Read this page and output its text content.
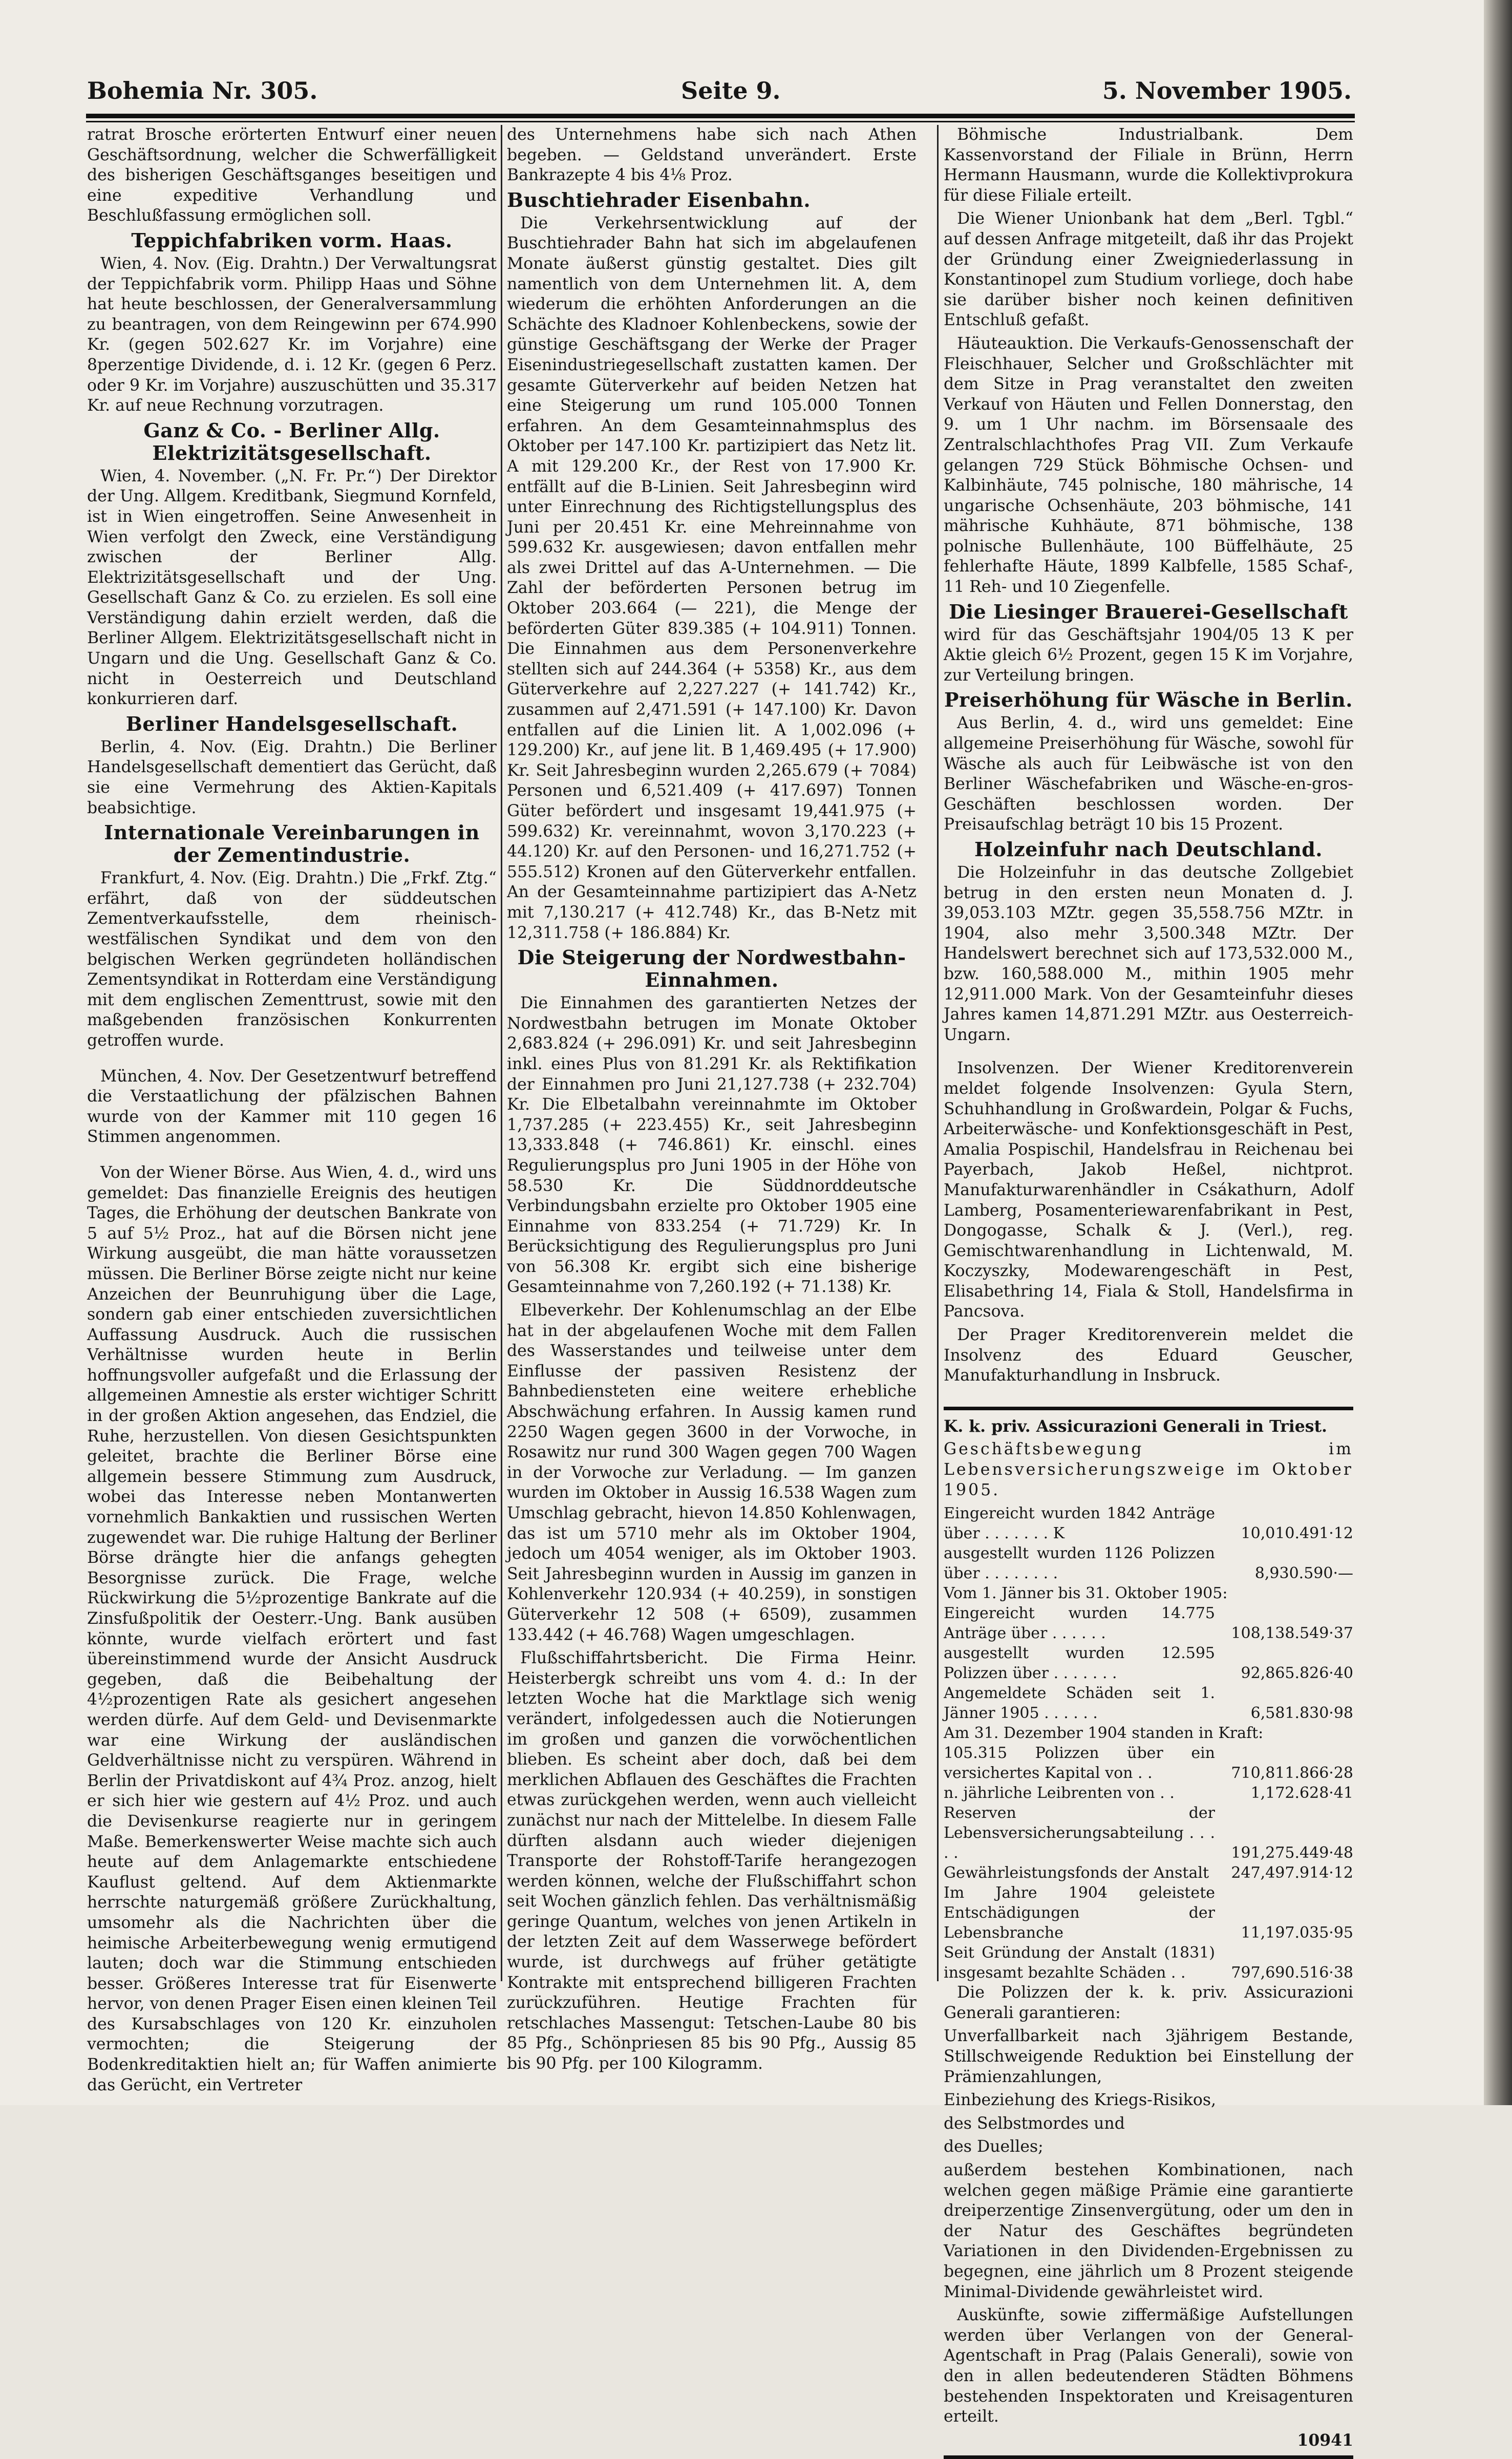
Bohemia Nr. 305.	Seite 9.	5. November 1905.

ratrat Brosche erörterten Entwurf einer neuen Geschäftsordnung, welcher die Schwerfälligkeit des bisherigen Geschäftsganges beseitigen und eine expeditive Verhandlung und Beschlußfassung ermöglichen soll.

Teppichfabriken vorm. Haas.

Wien, 4. Nov. (Eig. Drahtn.) Der Verwaltungsrat der Teppichfabrik vorm. Philipp Haas und Söhne hat heute beschlossen, der Generalversammlung zu beantragen, von dem Reingewinn per 674.990 Kr. (gegen 502.627 Kr. im Vorjahre) eine 8perzentige Dividende, d. i. 12 Kr. (gegen 6 Perz. oder 9 Kr. im Vorjahre) auszuschütten und 35.317 Kr. auf neue Rechnung vorzutragen.

Ganz & Co. - Berliner Allg. Elektrizitätsgesellschaft.

Wien, 4. November. („N. Fr. Pr.“) Der Direktor der Ung. Allgem. Kreditbank, Siegmund Kornfeld, ist in Wien eingetroffen. Seine Anwesenheit in Wien verfolgt den Zweck, eine Verständigung zwischen der Berliner Allg. Elektrizitätsgesellschaft und der Ung. Gesellschaft Ganz & Co. zu erzielen. Es soll eine Verständigung dahin erzielt werden, daß die Berliner Allgem. Elektrizitätsgesellschaft nicht in Ungarn und die Ung. Gesellschaft Ganz & Co. nicht in Oesterreich und Deutschland konkurrieren darf.

Berliner Handelsgesellschaft.

Berlin, 4. Nov. (Eig. Drahtn.) Die Berliner Handelsgesellschaft dementiert das Gerücht, daß sie eine Vermehrung des Aktien-Kapitals beabsichtige.

Internationale Vereinbarungen in der Zementindustrie.

Frankfurt, 4. Nov. (Eig. Drahtn.) Die „Frkf. Ztg.“ erfährt, daß von der süddeutschen Zementverkaufsstelle, dem rheinisch-westfälischen Syndikat und dem von den belgischen Werken gegründeten holländischen Zementsyndikat in Rotterdam eine Verständigung mit dem englischen Zementtrust, sowie mit den maßgebenden französischen Konkurrenten getroffen wurde.

München, 4. Nov. Der Gesetzentwurf betreffend die Verstaatlichung der pfälzischen Bahnen wurde von der Kammer mit 110 gegen 16 Stimmen angenommen.

Von der Wiener Börse. Aus Wien, 4. d., wird uns gemeldet: Das finanzielle Ereignis des heutigen Tages, die Erhöhung der deutschen Bankrate von 5 auf 5½ Proz., hat auf die Börsen nicht jene Wirkung ausgeübt, die man hätte voraussetzen müssen. Die Berliner Börse zeigte nicht nur keine Anzeichen der Beunruhigung über die Lage, sondern gab einer entschieden zuversichtlichen Auffassung Ausdruck. Auch die russischen Verhältnisse wurden heute in Berlin hoffnungsvoller aufgefaßt und die Erlassung der allgemeinen Amnestie als erster wichtiger Schritt in der großen Aktion angesehen, das Endziel, die Ruhe, herzustellen. Von diesen Gesichtspunkten geleitet, brachte die Berliner Börse eine allgemein bessere Stimmung zum Ausdruck, wobei das Interesse neben Montanwerten vornehmlich Bankaktien und russischen Werten zugewendet war. Die ruhige Haltung der Berliner Börse drängte hier die anfangs gehegten Besorgnisse zurück. Die Frage, welche Rückwirkung die 5½prozentige Bankrate auf die Zinsfußpolitik der Oesterr.-Ung. Bank ausüben könnte, wurde vielfach erörtert und fast übereinstimmend wurde der Ansicht Ausdruck gegeben, daß die Beibehaltung der 4½prozentigen Rate als gesichert angesehen werden dürfe. Auf dem Geld- und Devisenmarkte war eine Wirkung der ausländischen Geldverhältnisse nicht zu verspüren. Während in Berlin der Privatdiskont auf 4¾ Proz. anzog, hielt er sich hier wie gestern auf 4½ Proz. und auch die Devisenkurse reagierte nur in geringem Maße. Bemerkenswerter Weise machte sich auch heute auf dem Anlagemarkte entschiedene Kauflust geltend. Auf dem Aktienmarkte herrschte naturgemäß größere Zurückhaltung, umsomehr als die Nachrichten über die heimische Arbeiterbewegung wenig ermutigend lauten; doch war die Stimmung entschieden besser. Größeres Interesse trat für Eisenwerte hervor, von denen Prager Eisen einen kleinen Teil des Kursabschlages von 120 Kr. einzuholen vermochten; die Steigerung der Bodenkreditaktien hielt an; für Waffen animierte das Gerücht, ein Vertreter

des Unternehmens habe sich nach Athen begeben. — Geldstand unverändert. Erste Bankrazepte 4 bis 4⅛ Proz.

Buschtiehrader Eisenbahn.

Die Verkehrsentwicklung auf der Buschtiehrader Bahn hat sich im abgelaufenen Monate äußerst günstig gestaltet. Dies gilt namentlich von dem Unternehmen lit. A, dem wiederum die erhöhten Anforderungen an die Schächte des Kladnoer Kohlenbeckens, sowie der günstige Geschäftsgang der Werke der Prager Eisenindustriegesellschaft zustatten kamen. Der gesamte Güterverkehr auf beiden Netzen hat eine Steigerung um rund 105.000 Tonnen erfahren. An dem Gesamteinnahmsplus des Oktober per 147.100 Kr. partizipiert das Netz lit. A mit 129.200 Kr., der Rest von 17.900 Kr. entfällt auf die B-Linien. Seit Jahresbeginn wird unter Einrechnung des Richtigstellungsplus des Juni per 20.451 Kr. eine Mehreinnahme von 599.632 Kr. ausgewiesen; davon entfallen mehr als zwei Drittel auf das A-Unternehmen. — Die Zahl der beförderten Personen betrug im Oktober 203.664 (— 221), die Menge der beförderten Güter 839.385 (+ 104.911) Tonnen. Die Einnahmen aus dem Personenverkehre stellten sich auf 244.364 (+ 5358) Kr., aus dem Güterverkehre auf 2,227.227 (+ 141.742) Kr., zusammen auf 2,471.591 (+ 147.100) Kr. Davon entfallen auf die Linien lit. A 1,002.096 (+ 129.200) Kr., auf jene lit. B 1,469.495 (+ 17.900) Kr. Seit Jahresbeginn wurden 2,265.679 (+ 7084) Personen und 6,521.409 (+ 417.697) Tonnen Güter befördert und insgesamt 19,441.975 (+ 599.632) Kr. vereinnahmt, wovon 3,170.223 (+ 44.120) Kr. auf den Personen- und 16,271.752 (+ 555.512) Kronen auf den Güterverkehr entfallen. An der Gesamteinnahme partizipiert das A-Netz mit 7,130.217 (+ 412.748) Kr., das B-Netz mit 12,311.758 (+ 186.884) Kr.

Die Steigerung der Nordwestbahn-Einnahmen.

Die Einnahmen des garantierten Netzes der Nordwestbahn betrugen im Monate Oktober 2,683.824 (+ 296.091) Kr. und seit Jahresbeginn inkl. eines Plus von 81.291 Kr. als Rektifikation der Einnahmen pro Juni 21,127.738 (+ 232.704) Kr. Die Elbetalbahn vereinnahmte im Oktober 1,737.285 (+ 223.455) Kr., seit Jahresbeginn 13,333.848 (+ 746.861) Kr. einschl. eines Regulierungsplus pro Juni 1905 in der Höhe von 58.530 Kr. Die Süddnorddeutsche Verbindungsbahn erzielte pro Oktober 1905 eine Einnahme von 833.254 (+ 71.729) Kr. In Berücksichtigung des Regulierungsplus pro Juni von 56.308 Kr. ergibt sich eine bisherige Gesamteinnahme von 7,260.192 (+ 71.138) Kr.

Elbeverkehr. Der Kohlenumschlag an der Elbe hat in der abgelaufenen Woche mit dem Fallen des Wasserstandes und teilweise unter dem Einflusse der passiven Resistenz der Bahnbediensteten eine weitere erhebliche Abschwächung erfahren. In Aussig kamen rund 2250 Wagen gegen 3600 in der Vorwoche, in Rosawitz nur rund 300 Wagen gegen 700 Wagen in der Vorwoche zur Verladung. — Im ganzen wurden im Oktober in Aussig 16.538 Wagen zum Umschlag gebracht, hievon 14.850 Kohlenwagen, das ist um 5710 mehr als im Oktober 1904, jedoch um 4054 weniger, als im Oktober 1903. Seit Jahresbeginn wurden in Aussig im ganzen in Kohlenverkehr 120.934 (+ 40.259), in sonstigen Güterverkehr 12 508 (+ 6509), zusammen 133.442 (+ 46.768) Wagen umgeschlagen.

Flußschiffahrtsbericht. Die Firma Heinr. Heisterbergk schreibt uns vom 4. d.: In der letzten Woche hat die Marktlage sich wenig verändert, infolgedessen auch die Notierungen im großen und ganzen die vorwöchentlichen blieben. Es scheint aber doch, daß bei dem merklichen Abflauen des Geschäftes die Frachten etwas zurückgehen werden, wenn auch vielleicht zunächst nur nach der Mittelelbe. In diesem Falle dürften alsdann auch wieder diejenigen Transporte der Rohstoff-Tarife herangezogen werden können, welche der Flußschiffahrt schon seit Wochen gänzlich fehlen. Das verhältnismäßig geringe Quantum, welches von jenen Artikeln in der letzten Zeit auf dem Wasserwege befördert wurde, ist durchwegs auf früher getätigte Kontrakte mit entsprechend billigeren Frachten zurückzuführen. Heutige Frachten für retschlaches Massengut: Tetschen-Laube 80 bis 85 Pfg., Schönpriesen 85 bis 90 Pfg., Aussig 85 bis 90 Pfg. per 100 Kilogramm.

Böhmische Industrialbank. Dem Kassenvorstand der Filiale in Brünn, Herrn Hermann Hausmann, wurde die Kollektivprokura für diese Filiale erteilt.

Die Wiener Unionbank hat dem „Berl. Tgbl.“ auf dessen Anfrage mitgeteilt, daß ihr das Projekt der Gründung einer Zweigniederlassung in Konstantinopel zum Studium vorliege, doch habe sie darüber bisher noch keinen definitiven Entschluß gefaßt.

Häuteauktion. Die Verkaufs-Genossenschaft der Fleischhauer, Selcher und Großschlächter mit dem Sitze in Prag veranstaltet den zweiten Verkauf von Häuten und Fellen Donnerstag, den 9. um 1 Uhr nachm. im Börsensaale des Zentralschlachthofes Prag VII. Zum Verkaufe gelangen 729 Stück Böhmische Ochsen- und Kalbinhäute, 745 polnische, 180 mährische, 14 ungarische Ochsenhäute, 203 böhmische, 141 mährische Kuhhäute, 871 böhmische, 138 polnische Bullenhäute, 100 Büffelhäute, 25 fehlerhafte Häute, 1899 Kalbfelle, 1585 Schaf-, 11 Reh- und 10 Ziegenfelle.

Die Liesinger Brauerei-Gesellschaft

wird für das Geschäftsjahr 1904/05 13 K per Aktie gleich 6½ Prozent, gegen 15 K im Vorjahre, zur Verteilung bringen.

Preiserhöhung für Wäsche in Berlin.

Aus Berlin, 4. d., wird uns gemeldet: Eine allgemeine Preiserhöhung für Wäsche, sowohl für Wäsche als auch für Leibwäsche ist von den Berliner Wäschefabriken und Wäsche-en-gros-Geschäften beschlossen worden. Der Preisaufschlag beträgt 10 bis 15 Prozent.

Holzeinfuhr nach Deutschland.

Die Holzeinfuhr in das deutsche Zollgebiet betrug in den ersten neun Monaten d. J. 39,053.103 MZtr. gegen 35,558.756 MZtr. in 1904, also mehr 3,500.348 MZtr. Der Handelswert berechnet sich auf 173,532.000 M., bzw. 160,588.000 M., mithin 1905 mehr 12,911.000 Mark. Von der Gesamteinfuhr dieses Jahres kamen 14,871.291 MZtr. aus Oesterreich-Ungarn.

Insolvenzen. Der Wiener Kreditorenverein meldet folgende Insolvenzen: Gyula Stern, Schuhhandlung in Großwardein, Polgar & Fuchs, Arbeiterwäsche- und Konfektionsgeschäft in Pest, Amalia Pospischil, Handelsfrau in Reichenau bei Payerbach, Jakob Heßel, nichtprot. Manufakturwarenhändler in Csákathurn, Adolf Lamberg, Posamenteriewarenfabrikant in Pest, Dongogasse, Schalk & J. (Verl.), reg. Gemischtwarenhandlung in Lichtenwald, M. Koczyszky, Modewarengeschäft in Pest, Elisabethring 14, Fiala & Stoll, Handelsfirma in Pancsova.

Der Prager Kreditorenverein meldet die Insolvenz des Eduard Geuscher, Manufakturhandlung in Insbruck.

K. k. priv. Assicurazioni Generali in Triest.

Geschäftsbewegung im Lebensversicherungszweige im Oktober 1905.

Eingereicht wurden 1842 Anträge über . . . . . . . K	10,010.491·12
ausgestellt wurden 1126 Polizzen über . . . . . . . .	8,930.590·—
Vom 1. Jänner bis 31. Oktober 1905:
Eingereicht wurden 14.775 Anträge über . . . . . .	108,138.549·37
ausgestellt wurden 12.595 Polizzen über . . . . . . .	92,865.826·40
Angemeldete Schäden seit 1. Jänner 1905 . . . . . .	6,581.830·98
Am 31. Dezember 1904 standen in Kraft:
105.315 Polizzen über ein versichertes Kapital von . .	710,811.866·28
n. jährliche Leibrenten von . .	1,172.628·41
Reserven der Lebensversicherungsabteilung . . . . .	191,275.449·48
Gewährleistungsfonds der Anstalt	247,497.914·12
Im Jahre 1904 geleistete Entschädigungen der Lebensbranche	11,197.035·95
Seit Gründung der Anstalt (1831) insgesamt bezahlte Schäden . .	797,690.516·38

Die Polizzen der k. k. priv. Assicurazioni Generali garantieren:

Unverfallbarkeit nach 3jährigem Bestande, Stillschweigende Reduktion bei Einstellung der Prämienzahlungen,

Einbeziehung des Kriegs-Risikos,

des Selbstmordes und

des Duelles;

außerdem bestehen Kombinationen, nach welchen gegen mäßige Prämie eine garantierte dreiperzentige Zinsenvergütung, oder um den in der Natur des Geschäftes begründeten Variationen in den Dividenden-Ergebnissen zu begegnen, eine jährlich um 8 Prozent steigende Minimal-Dividende gewährleistet wird.

Auskünfte, sowie ziffermäßige Aufstellungen werden über Verlangen von der General-Agentschaft in Prag (Palais Generali), sowie von den in allen bedeutenderen Städten Böhmens bestehenden Inspektoraten und Kreisagenturen erteilt.

10941
